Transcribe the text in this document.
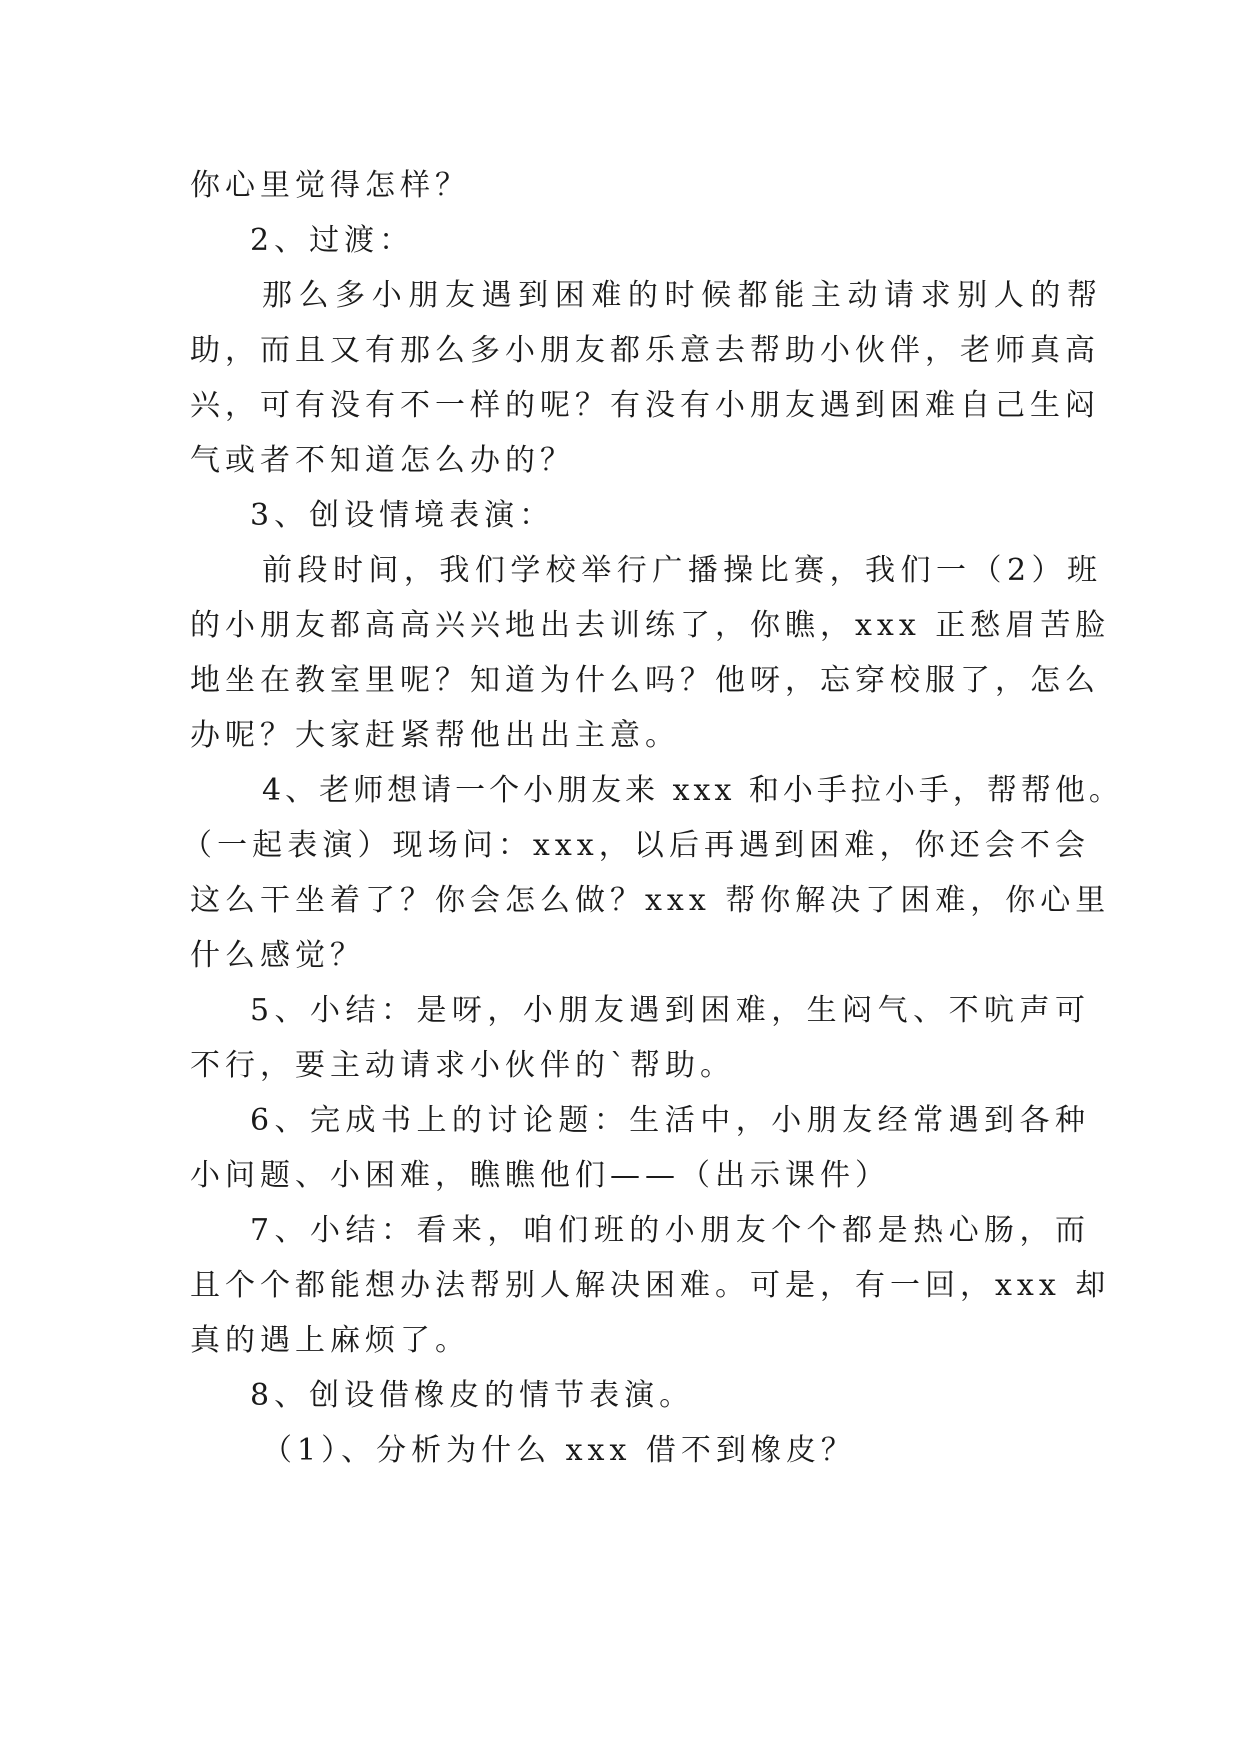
你心里觉得怎样？
2、过渡：
那么多小朋友遇到困难的时候都能主动请求别人的帮
助，而且又有那么多小朋友都乐意去帮助小伙伴，老师真高
兴，可有没有不一样的呢？有没有小朋友遇到困难自己生闷
气或者不知道怎么办的？
3、创设情境表演：
前段时间，我们学校举行广播操比赛，我们一（2）班
的小朋友都高高兴兴地出去训练了，你瞧，xxx 正愁眉苦脸
地坐在教室里呢？知道为什么吗？他呀，忘穿校服了，怎么
办呢？大家赶紧帮他出出主意。
4、老师想请一个小朋友来 xxx 和小手拉小手，帮帮他。
（一起表演）现场问：xxx，以后再遇到困难，你还会不会
这么干坐着了？你会怎么做？xxx 帮你解决了困难，你心里
什么感觉？
5、小结：是呀，小朋友遇到困难，生闷气、不吭声可
不行，要主动请求小伙伴的`帮助。
6、完成书上的讨论题：生活中，小朋友经常遇到各种
小问题、小困难，瞧瞧他们——（出示课件）
7、小结：看来，咱们班的小朋友个个都是热心肠，而
且个个都能想办法帮别人解决困难。可是，有一回，xxx 却
真的遇上麻烦了。
8、创设借橡皮的情节表演。
（1）、分析为什么 xxx 借不到橡皮？
